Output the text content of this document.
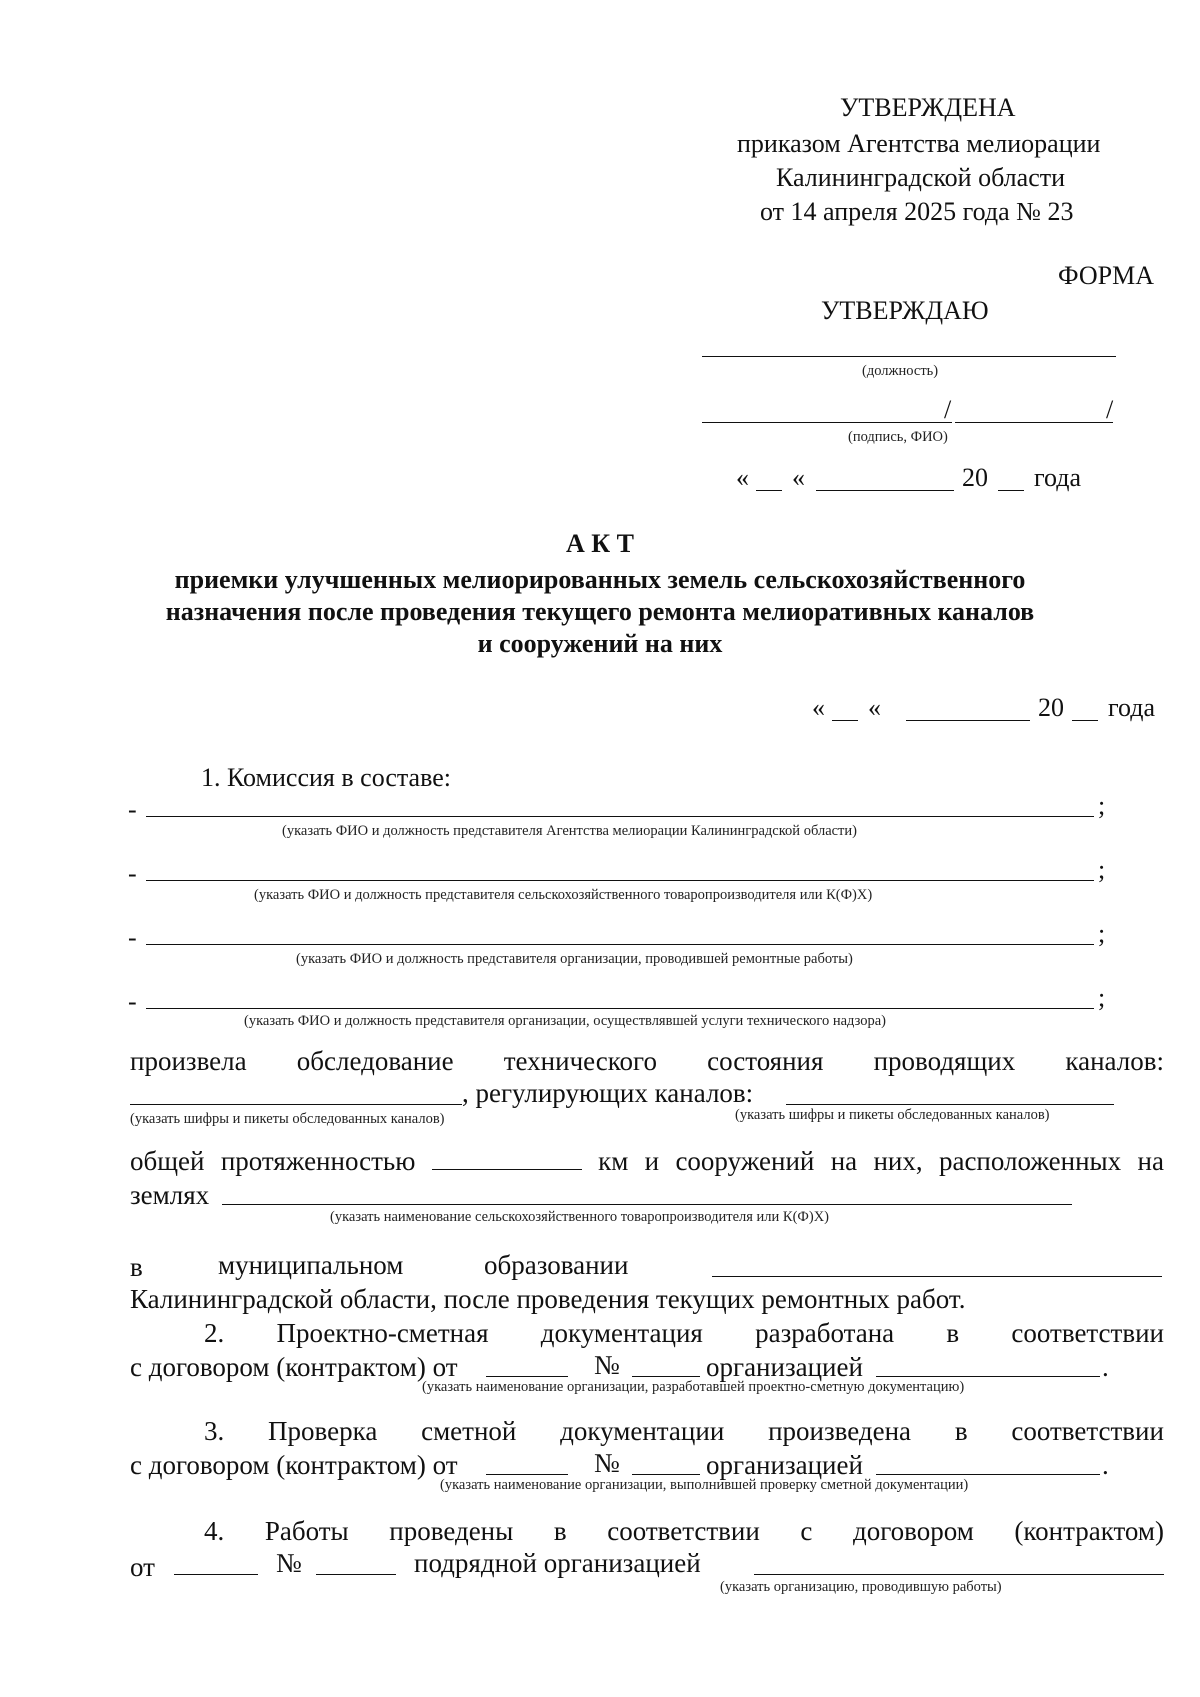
УТВЕРЖДЕНА
приказом Агентства мелиорации
Калининградской области
от 14 апреля 2025 года № 23
ФОРМА
УТВЕРЖДАЮ
(должность)
/	/
(подпись, ФИО)
« «	20 года
А К Т
приемки улучшенных мелиорированных земель сельскохозяйственного
назначения после проведения текущего ремонта мелиоративных каналов
и сооружений на них
« «	20 года
1. Комиссия в составе:
-	;
(указать ФИО и должность представителя Агентства мелиорации Калининградской области)
-	;
(указать ФИО и должность представителя сельскохозяйственного товаропроизводителя или К(Ф)Х)
-	;
(указать ФИО и должность представителя организации, проводившей ремонтные работы)
-	;
(указать ФИО и должность представителя организации, осуществлявшей услуги технического надзора)
произвела обследование технического состояния проводящих каналов:
, регулирующих каналов:
(указать шифры и пикеты обследованных каналов)	(указать шифры и пикеты обследованных каналов)
общей протяженностью	км и сооружений на них, расположенных на
землях
(указать наименование сельскохозяйственного товаропроизводителя или К(Ф)Х)
в	муниципальном	образовании
Калининградской области, после проведения текущих ремонтных работ.
2. Проектно-сметная документация разработана в соответствии
с договором (контрактом) от	№	организацией	.
(указать наименование организации, разработавшей проектно-сметную документацию)
3. Проверка сметной документации произведена в соответствии
с договором (контрактом) от	№	организацией	.
(указать наименование организации, выполнившей проверку сметной документации)
4. Работы проведены в соответствии с договором (контрактом)
от	№	подрядной организацией
(указать организацию, проводившую работы)
